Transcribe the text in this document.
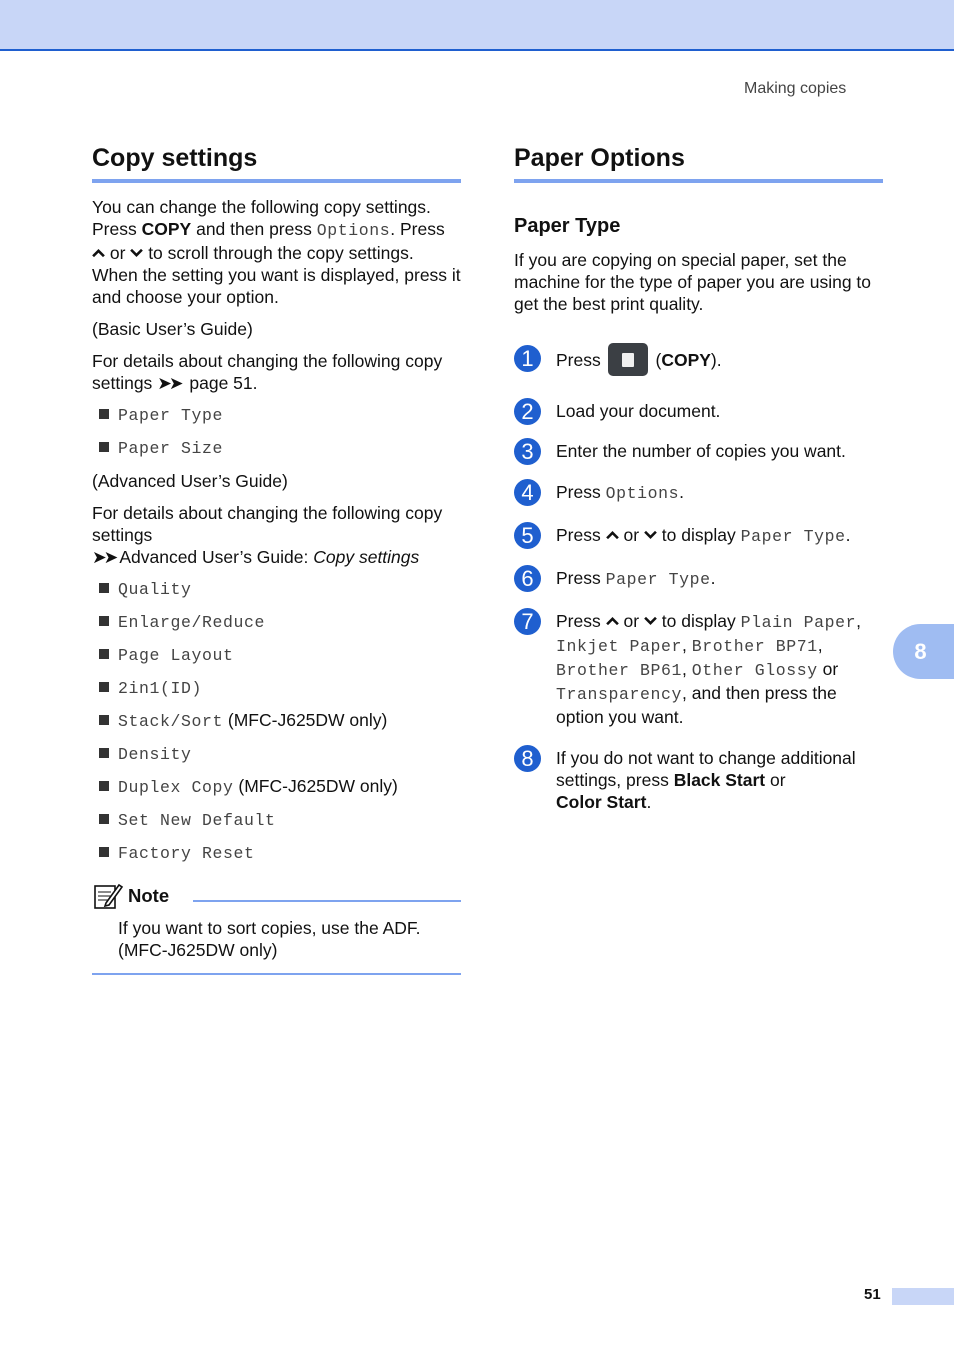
Making copies
Copy settings

You can change the following copy settings.
Press COPY and then press Options. Press
or to scroll through the copy settings.
When the setting you want is displayed, press it and choose your option.

(Basic User’s Guide)

For details about changing the following copy
settings ➤➤ page 51.

Paper Type
Paper Size

(Advanced User’s Guide)

For details about changing the following copy settings
➤➤ Advanced User’s Guide: Copy settings

Quality
Enlarge/Reduce
Page Layout
2in1(ID)
Stack/Sort (MFC-J625DW only)
Density
Duplex Copy (MFC-J625DW only)
Set New Default
Factory Reset
Note
If you want to sort copies, use the ADF.
(MFC-J625DW only)
Paper Options
Paper Type

If you are copying on special paper, set the machine for the type of paper you are using to get the best print quality.

1	Press	(COPY).
2	Load your document.
3	Enter the number of copies you want.
4	Press Options.
5	Press or to display Paper Type.
6	Press Paper Type.
7	Press or to display Plain Paper, Inkjet Paper, Brother BP71, Brother BP61, Other Glossy or Transparency, and then press the option you want.
8	If you do not want to change additional settings, press Black Start or
Color Start.
8
51
